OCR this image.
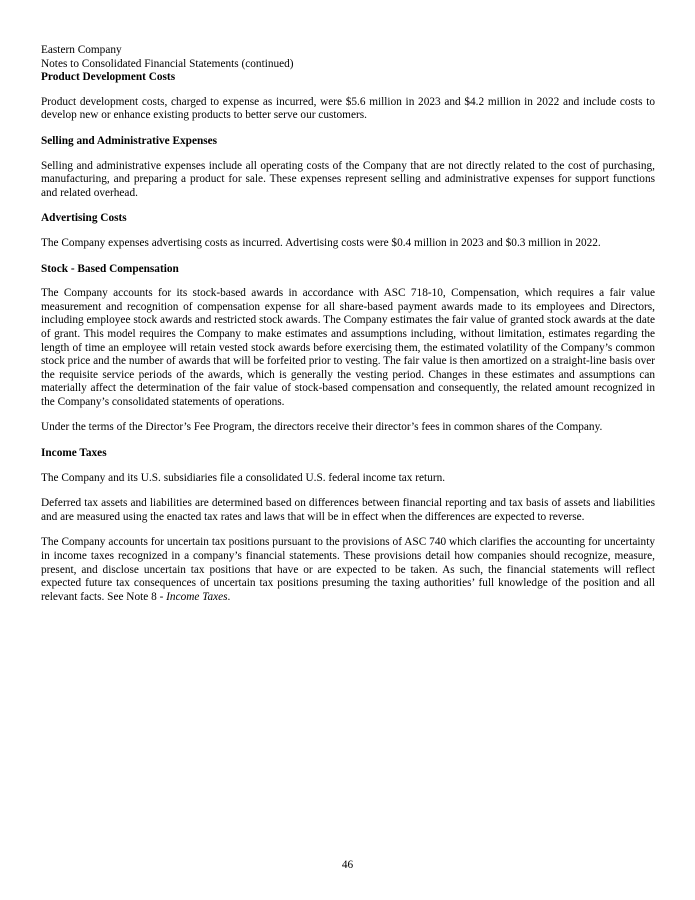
Eastern Company

Notes to Consolidated Financial Statements (continued)

Product Development Costs

Product development costs, charged to expense as incurred, were $5.6 million in 2023 and $4.2 million in 2022 and include costs to develop new or enhance existing products to better serve our customers.

Selling and Administrative Expenses

Selling and administrative expenses include all operating costs of the Company that are not directly related to the cost of purchasing, manufacturing, and preparing a product for sale. These expenses represent selling and administrative expenses for support functions and related overhead.

Advertising Costs

The Company expenses advertising costs as incurred. Advertising costs were $0.4 million in 2023 and $0.3 million in 2022.

Stock - Based Compensation

The Company accounts for its stock-based awards in accordance with ASC 718-10, Compensation, which requires a fair value measurement and recognition of compensation expense for all share-based payment awards made to its employees and Directors, including employee stock awards and restricted stock awards. The Company estimates the fair value of granted stock awards at the date of grant. This model requires the Company to make estimates and assumptions including, without limitation, estimates regarding the length of time an employee will retain vested stock awards before exercising them, the estimated volatility of the Company’s common stock price and the number of awards that will be forfeited prior to vesting. The fair value is then amortized on a straight-line basis over the requisite service periods of the awards, which is generally the vesting period. Changes in these estimates and assumptions can materially affect the determination of the fair value of stock-based compensation and consequently, the related amount recognized in the Company’s consolidated statements of operations.

Under the terms of the Director’s Fee Program, the directors receive their director’s fees in common shares of the Company.

Income Taxes

The Company and its U.S. subsidiaries file a consolidated U.S. federal income tax return.

Deferred tax assets and liabilities are determined based on differences between financial reporting and tax basis of assets and liabilities and are measured using the enacted tax rates and laws that will be in effect when the differences are expected to reverse.

The Company accounts for uncertain tax positions pursuant to the provisions of ASC 740 which clarifies the accounting for uncertainty in income taxes recognized in a company’s financial statements. These provisions detail how companies should recognize, measure, present, and disclose uncertain tax positions that have or are expected to be taken. As such, the financial statements will reflect expected future tax consequences of uncertain tax positions presuming the taxing authorities’ full knowledge of the position and all relevant facts. See Note 8 - Income Taxes.

46
